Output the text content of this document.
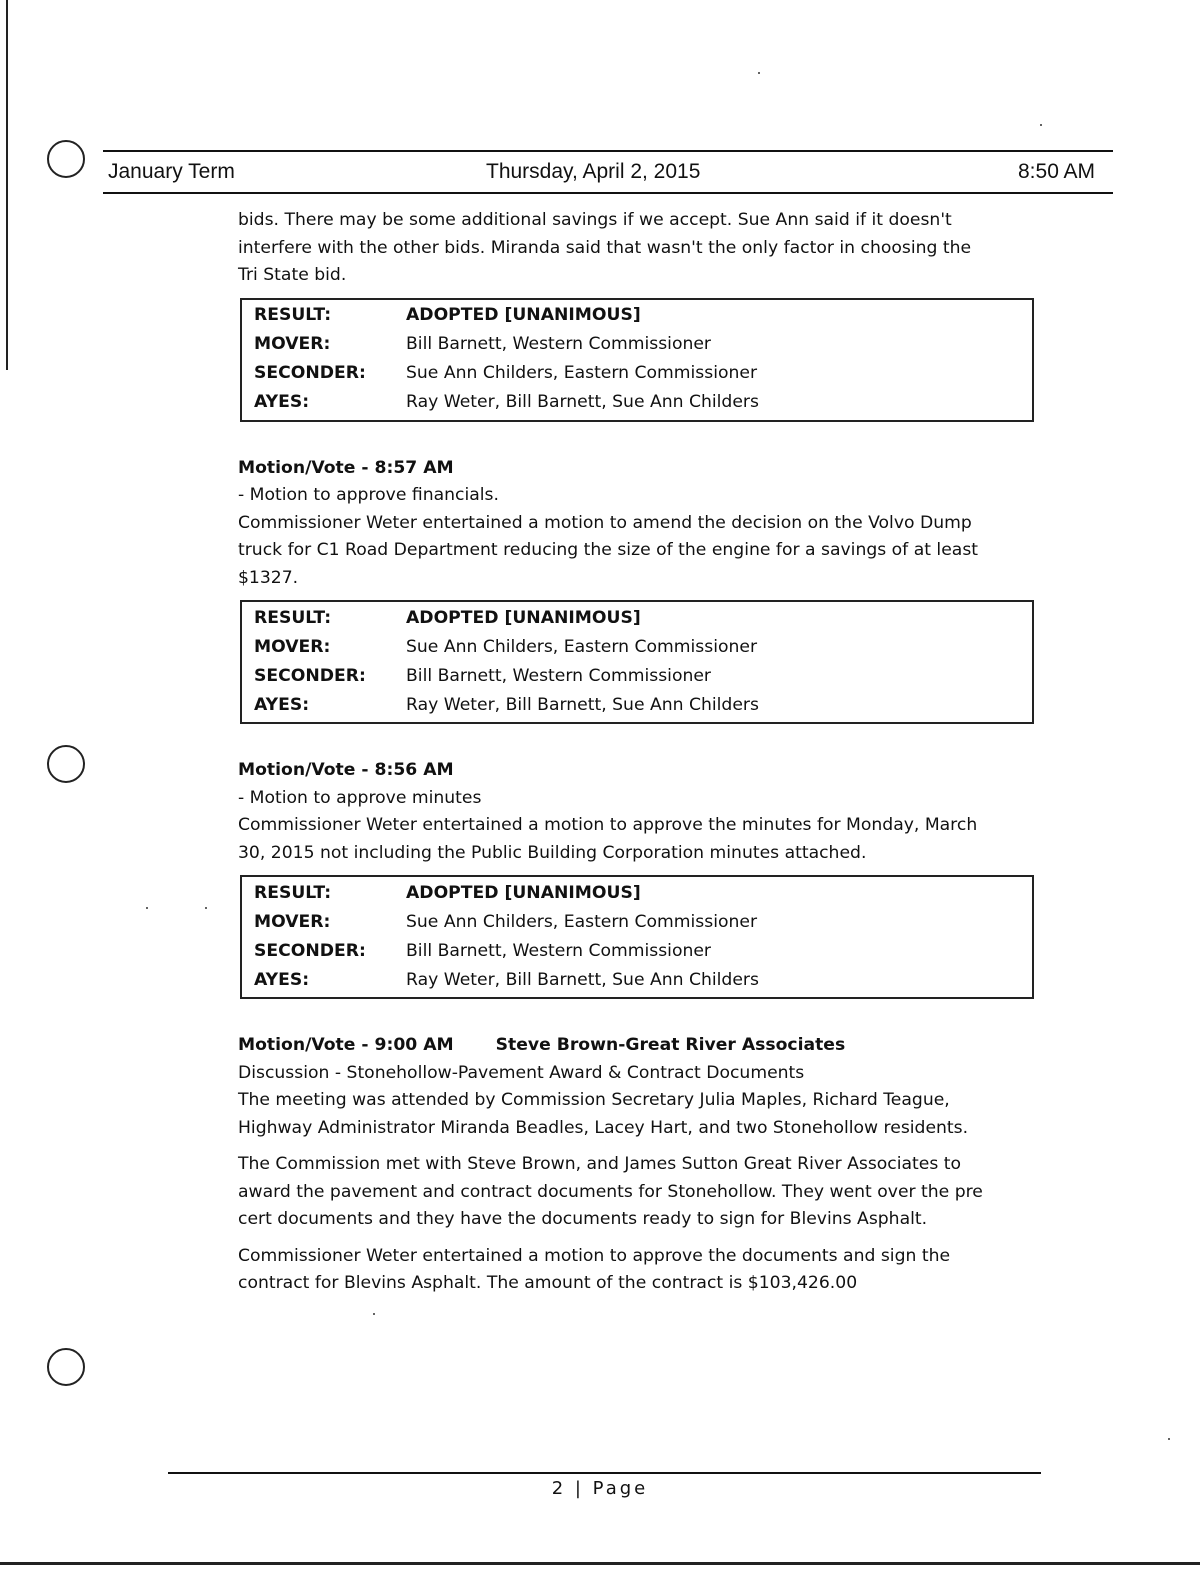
January Term	Thursday, April 2, 2015	8:50 AM

bids. There may be some additional savings if we accept. Sue Ann said if it doesn't

interfere with the other bids. Miranda said that wasn't the only factor in choosing the

Tri State bid.

RESULT:	ADOPTED [UNANIMOUS]
MOVER:	Bill Barnett, Western Commissioner
SECONDER:	Sue Ann Childers, Eastern Commissioner
AYES:	Ray Weter, Bill Barnett, Sue Ann Childers

Motion/Vote - 8:57 AM

- Motion to approve financials.

Commissioner Weter entertained a motion to amend the decision on the Volvo Dump

truck for C1 Road Department reducing the size of the engine for a savings of at least

$1327.

RESULT:	ADOPTED [UNANIMOUS]
MOVER:	Sue Ann Childers, Eastern Commissioner
SECONDER:	Bill Barnett, Western Commissioner
AYES:	Ray Weter, Bill Barnett, Sue Ann Childers

Motion/Vote - 8:56 AM

- Motion to approve minutes

Commissioner Weter entertained a motion to approve the minutes for Monday, March

30, 2015 not including the Public Building Corporation minutes attached.

RESULT:	ADOPTED [UNANIMOUS]
MOVER:	Sue Ann Childers, Eastern Commissioner
SECONDER:	Bill Barnett, Western Commissioner
AYES:	Ray Weter, Bill Barnett, Sue Ann Childers

Motion/Vote - 9:00 AM Steve Brown-Great River Associates

Discussion - Stonehollow-Pavement Award & Contract Documents

The meeting was attended by Commission Secretary Julia Maples, Richard Teague,

Highway Administrator Miranda Beadles, Lacey Hart, and two Stonehollow residents.

The Commission met with Steve Brown, and James Sutton Great River Associates to

award the pavement and contract documents for Stonehollow. They went over the pre

cert documents and they have the documents ready to sign for Blevins Asphalt.

Commissioner Weter entertained a motion to approve the documents and sign the

contract for Blevins Asphalt. The amount of the contract is $103,426.00

2 | Page
